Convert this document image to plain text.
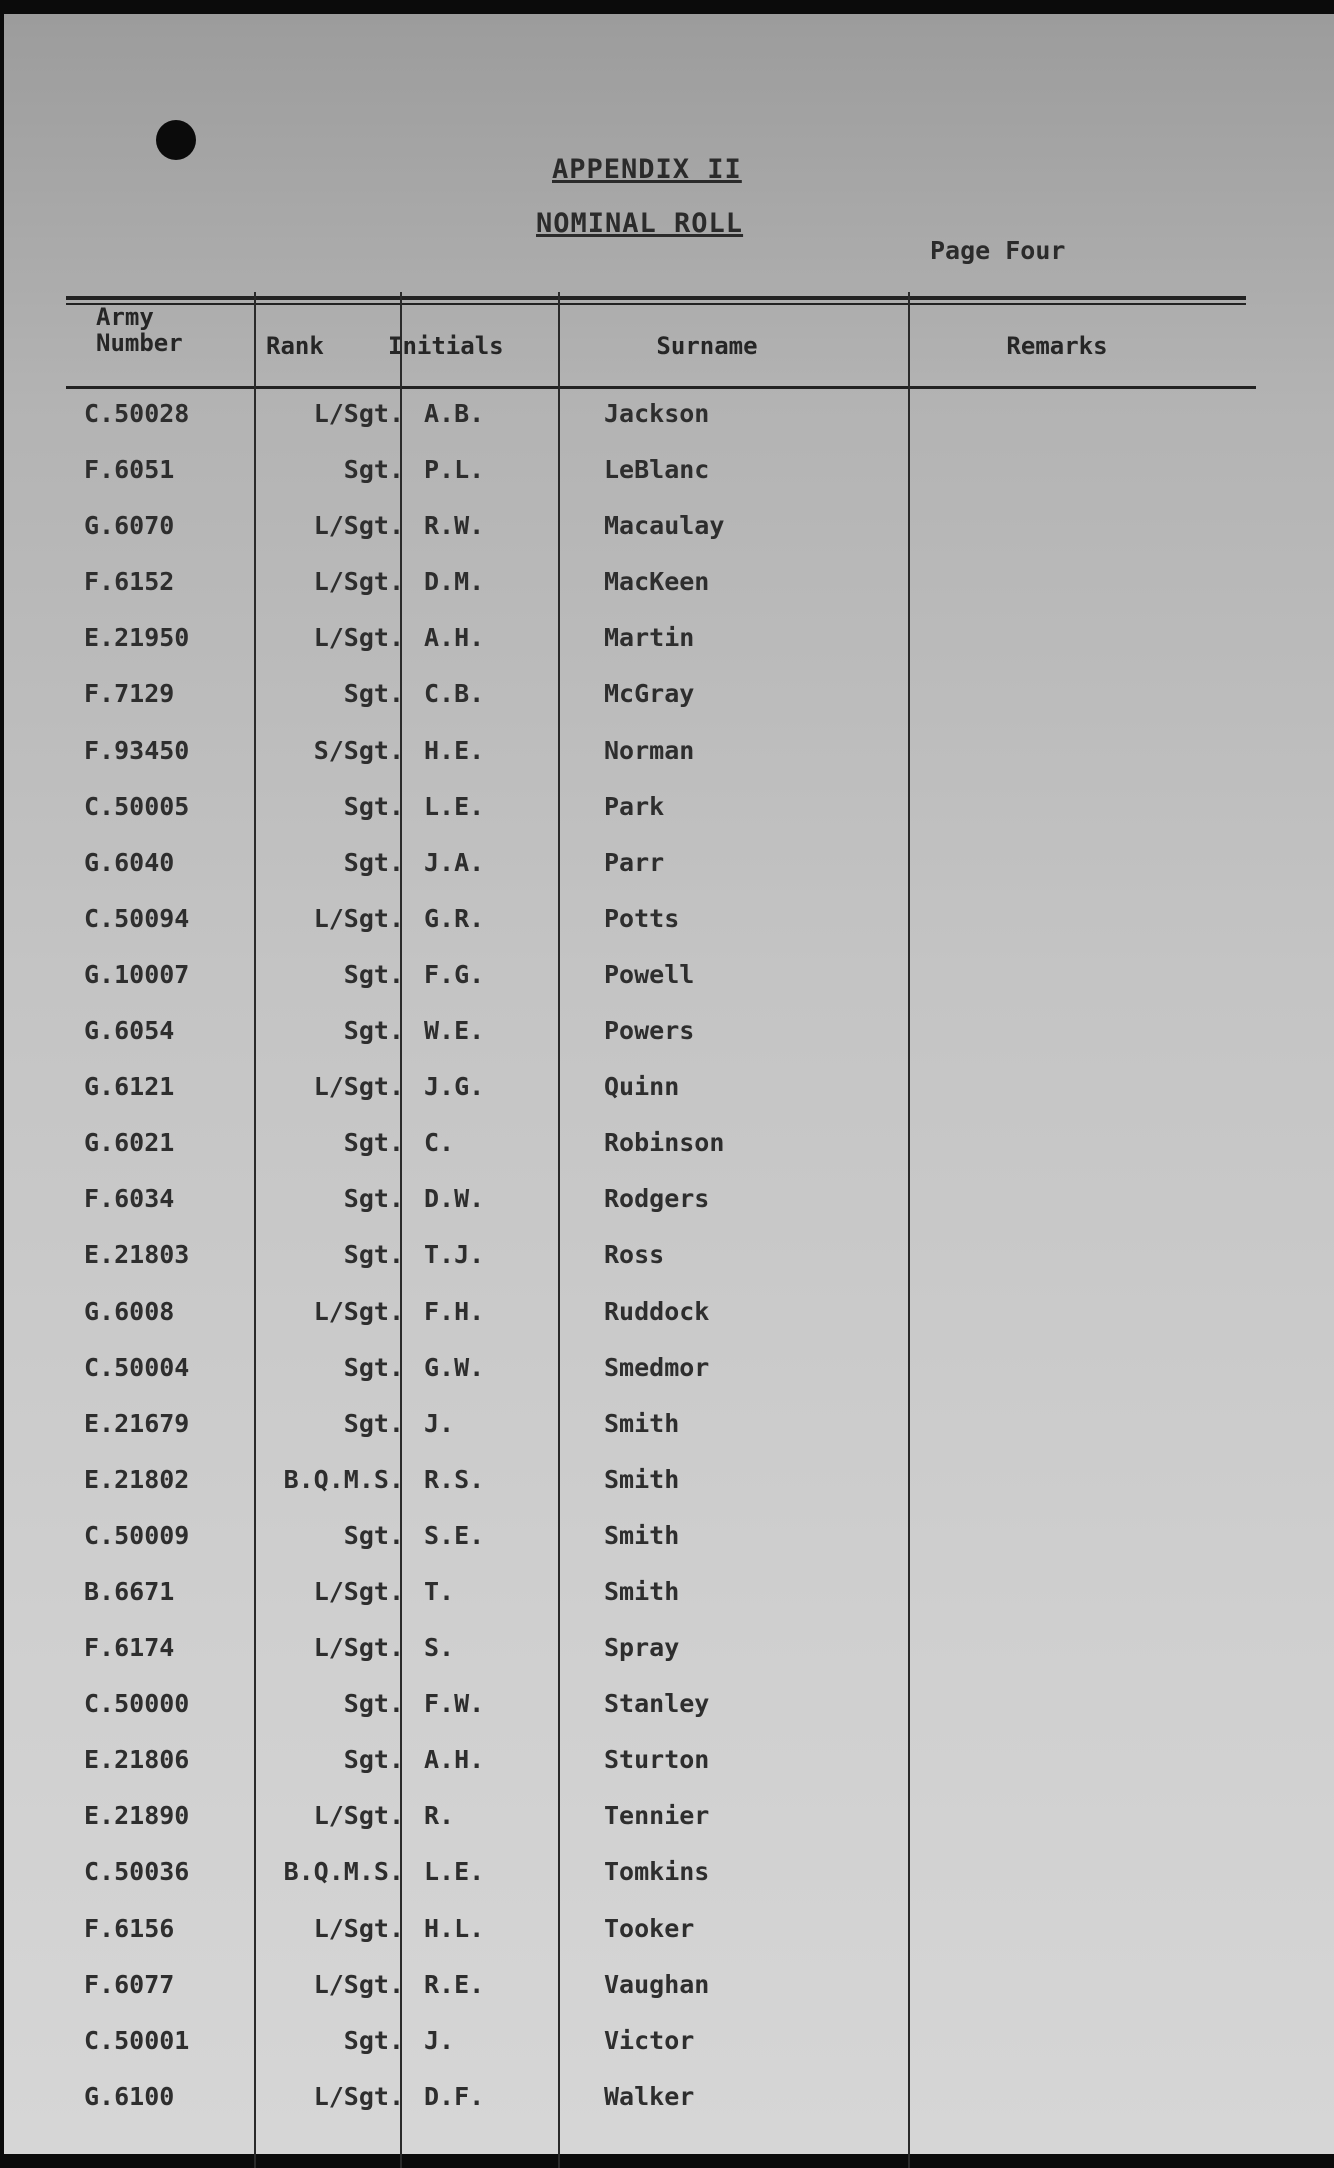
APPENDIX II
NOMINAL ROLL
Page Four
Army Number	Rank	Initials	Surname	Remarks
C.50028	L/Sgt. A.B.	Jackson
F.6051	Sgt. P.L.	LeBlanc
G.6070	L/Sgt. R.W.	Macaulay
F.6152	L/Sgt. D.M.	MacKeen
E.21950	L/Sgt. A.H.	Martin
F.7129	Sgt. C.B.	McGray
F.93450	S/Sgt. H.E.	Norman
C.50005	Sgt. L.E.	Park
G.6040	Sgt. J.A.	Parr
C.50094	L/Sgt. G.R.	Potts
G.10007	Sgt. F.G.	Powell
G.6054	Sgt. W.E.	Powers
G.6121	L/Sgt. J.G.	Quinn
G.6021	Sgt. C.	Robinson
F.6034	Sgt. D.W.	Rodgers
E.21803	Sgt. T.J.	Ross
G.6008	L/Sgt. F.H.	Ruddock
C.50004	Sgt. G.W.	Smedmor
E.21679	Sgt. J.	Smith
E.21802	B.Q.M.S. R.S.	Smith
C.50009	Sgt. S.E.	Smith
B.6671	L/Sgt. T.	Smith
F.6174	L/Sgt. S.	Spray
C.50000	Sgt. F.W.	Stanley
E.21806	Sgt. A.H.	Sturton
E.21890	L/Sgt. R.	Tennier
C.50036	B.Q.M.S. L.E.	Tomkins
F.6156	L/Sgt. H.L.	Tooker
F.6077	L/Sgt. R.E.	Vaughan
C.50001	Sgt. J.	Victor
G.6100	L/Sgt. D.F.	Walker
